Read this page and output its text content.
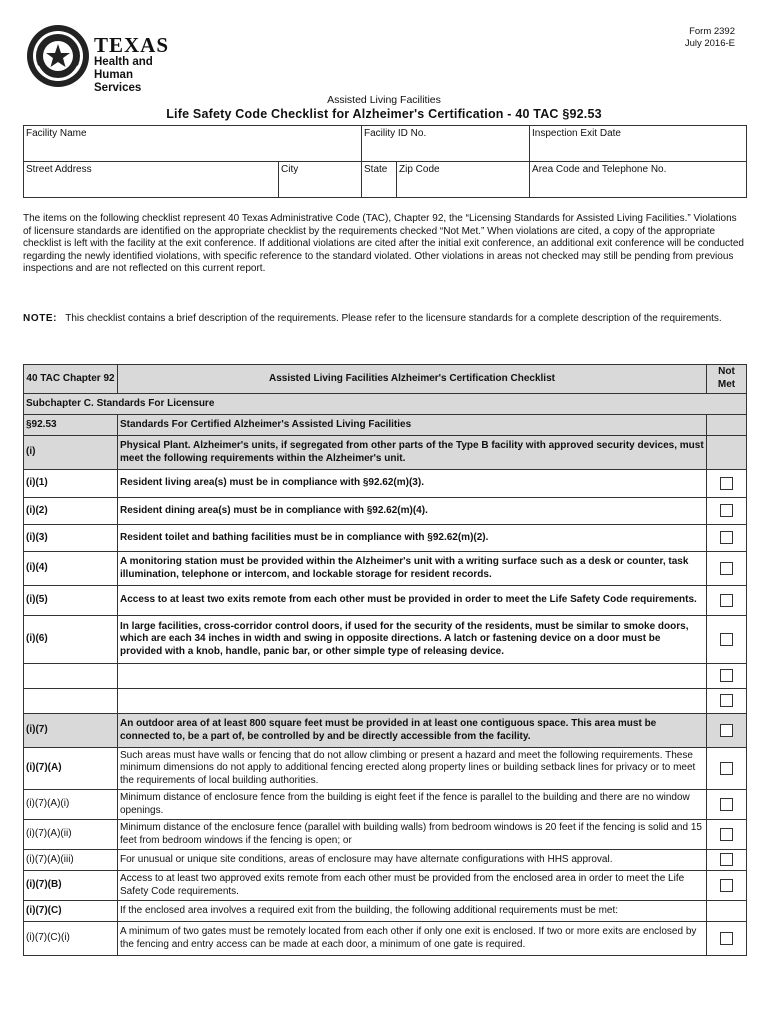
TEXAS
Health and Human
Services
Form 2392
July 2016-E
Assisted Living Facilities
Life Safety Code Checklist for Alzheimer's Certification - 40 TAC §92.53
Facility Name		Facility ID No.		Inspection Exit Date
Street Address	City	State	Zip Code	Area Code and Telephone No.
The items on the following checklist represent 40 Texas Administrative Code (TAC), Chapter 92, the “Licensing Standards for Assisted Living Facilities.” Violations of licensure standards are identified on the appropriate checklist by the requirements checked “Not Met.” When violations are cited, a copy of the appropriate checklist is left with the facility at the exit conference. If additional violations are cited after the initial exit conference, an additional exit conference will be conducted regarding the newly identified violations, with specific reference to the standard violated. Other violations in areas not checked may still be pending from previous inspections and are not reflected on this current report.
NOTE: This checklist contains a brief description of the requirements. Please refer to the licensure standards for a complete description of the requirements.
40 TAC Chapter 92	Assisted Living Facilities Alzheimer's Certification Checklist	Not Met
Subchapter C. Standards For Licensure		
§92.53	Standards For Certified Alzheimer's Assisted Living Facilities	
(i)	Physical Plant. Alzheimer's units, if segregated from other parts of the Type B facility with approved security devices, must meet the following requirements within the Alzheimer's unit.	
(i)(1)	Resident living area(s) must be in compliance with §92.62(m)(3).	
(i)(2)	Resident dining area(s) must be in compliance with §92.62(m)(4).	
(i)(3)	Resident toilet and bathing facilities must be in compliance with §92.62(m)(2).	
(i)(4)	A monitoring station must be provided within the Alzheimer's unit with a writing surface such as a desk or counter, task illumination, telephone or intercom, and lockable storage for resident records.	
(i)(5)	Access to at least two exits remote from each other must be provided in order to meet the Life Safety Code requirements.	
(i)(6)	In large facilities, cross-corridor control doors, if used for the security of the residents, must be similar to smoke doors, which are each 34 inches in width and swing in opposite directions. A latch or fastening device on a door must be provided with a knob, handle, panic bar, or other simple type of releasing device.	

(i)(7)	An outdoor area of at least 800 square feet must be provided in at least one contiguous space. This area must be connected to, be a part of, be controlled by and be directly accessible from the facility.	
(i)(7)(A)	Such areas must have walls or fencing that do not allow climbing or present a hazard and meet the following requirements. These minimum dimensions do not apply to additional fencing erected along property lines or building setback lines for privacy or to meet the requirements of local building authorities.	
(i)(7)(A)(i)	Minimum distance of enclosure fence from the building is eight feet if the fence is parallel to the building and there are no window openings.	
(i)(7)(A)(ii)	Minimum distance of the enclosure fence (parallel with building walls) from bedroom windows is 20 feet if the fencing is solid and 15 feet from bedroom windows if the fencing is open; or	
(i)(7)(A)(iii)	For unusual or unique site conditions, areas of enclosure may have alternate configurations with HHS approval.	
(i)(7)(B)	Access to at least two approved exits remote from each other must be provided from the enclosed area in order to meet the Life Safety Code requirements.	
(i)(7)(C)	If the enclosed area involves a required exit from the building, the following additional requirements must be met:	
(i)(7)(C)(i)	A minimum of two gates must be remotely located from each other if only one exit is enclosed. If two or more exits are enclosed by the fencing and entry access can be made at each door, a minimum of one gate is required.	
